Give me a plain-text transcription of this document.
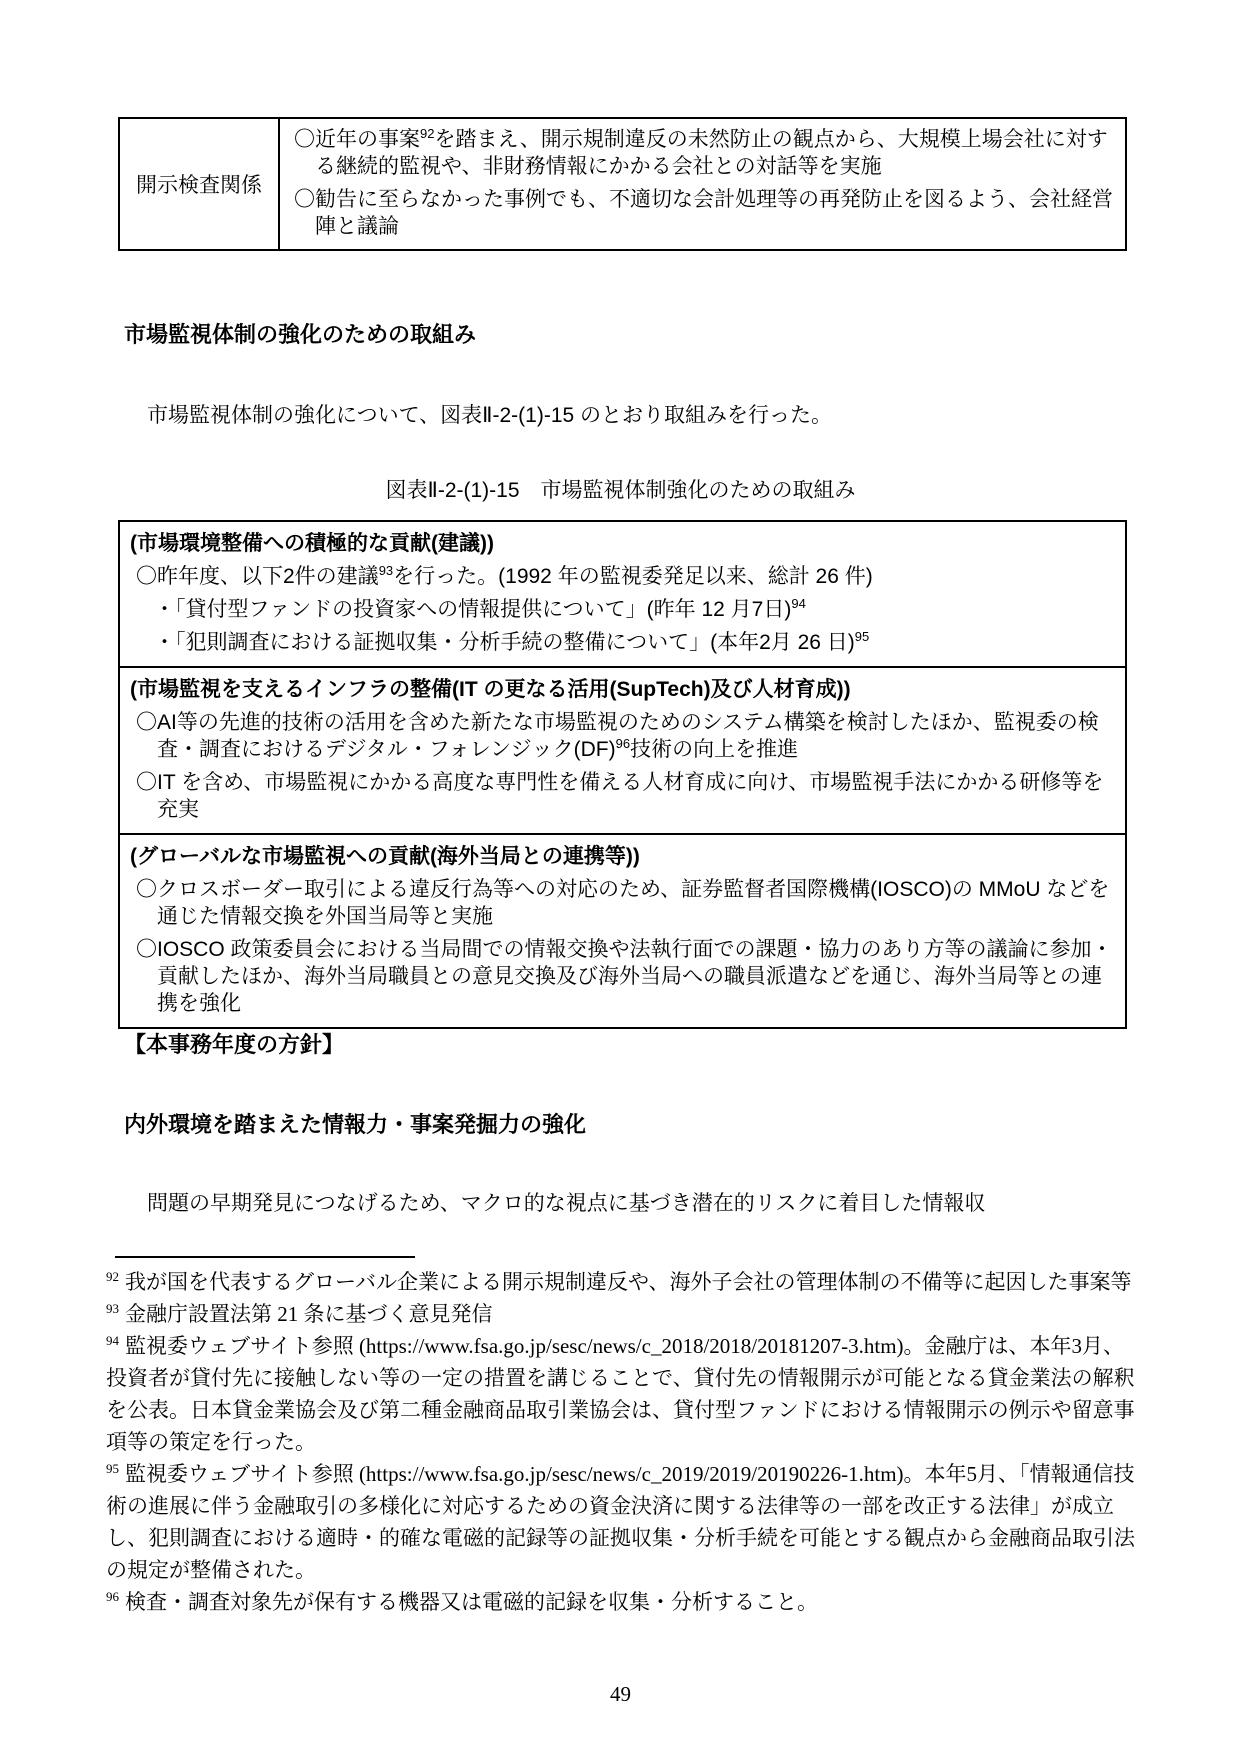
開示検査関係
〇近年の事案$^{92}$を踏まえ、開示規制違反の未然防止の観点から、大規模上場会社に対する継続的監視や、非財務情報にかかる会社との対話等を実施
〇勧告に至らなかった事例でも、不適切な会計処理等の再発防止を図るよう、会社経営陣と議論
市場監視体制の強化のための取組み
市場監視体制の強化について、図表Ⅱ-2-(1)-15 のとおり取組みを行った。
図表Ⅱ-2-(1)-15　市場監視体制強化のための取組み
(市場環境整備への積極的な貢献(建議))
〇昨年度、以下2件の建議$^{93}$を行った。(1992 年の監視委発足以来、総計 26 件)
・「貸付型ファンドの投資家への情報提供について」(昨年 12 月7日)$^{94}$
・「犯則調査における証拠収集・分析手続の整備について」(本年2月 26 日)$^{95}$
(市場監視を支えるインフラの整備(IT の更なる活用(SupTech)及び人材育成))
〇AI等の先進的技術の活用を含めた新たな市場監視のためのシステム構築を検討したほか、監視委の検査・調査におけるデジタル・フォレンジック(DF)$^{96}$技術の向上を推進
〇IT を含め、市場監視にかかる高度な専門性を備える人材育成に向け、市場監視手法にかかる研修等を充実
(グローバルな市場監視への貢献(海外当局との連携等))
〇クロスボーダー取引による違反行為等への対応のため、証券監督者国際機構(IOSCO)の MMoU などを通じた情報交換を外国当局等と実施
〇IOSCO 政策委員会における当局間での情報交換や法執行面での課題・協力のあり方等の議論に参加・貢献したほか、海外当局職員との意見交換及び海外当局への職員派遣などを通じ、海外当局等との連携を強化
【本事務年度の方針】
内外環境を踏まえた情報力・事案発掘力の強化
問題の早期発見につなげるため、マクロ的な視点に基づき潜在的リスクに着目した情報収

$^{92}$ 我が国を代表するグローバル企業による開示規制違反や、海外子会社の管理体制の不備等に起因した事案等

$^{93}$ 金融庁設置法第 21 条に基づく意見発信

$^{94}$ 監視委ウェブサイト参照 (https://www.fsa.go.jp/sesc/news/c_2018/2018/20181207-3.htm)。金融庁は、本年3月、投資者が貸付先に接触しない等の一定の措置を講じることで、貸付先の情報開示が可能となる貸金業法の解釈を公表。日本貸金業協会及び第二種金融商品取引業協会は、貸付型ファンドにおける情報開示の例示や留意事項等の策定を行った。

$^{95}$ 監視委ウェブサイト参照 (https://www.fsa.go.jp/sesc/news/c_2019/2019/20190226-1.htm)。本年5月、「情報通信技術の進展に伴う金融取引の多様化に対応するための資金決済に関する法律等の一部を改正する法律」が成立し、犯則調査における適時・的確な電磁的記録等の証拠収集・分析手続を可能とする観点から金融商品取引法の規定が整備された。

$^{96}$ 検査・調査対象先が保有する機器又は電磁的記録を収集・分析すること。

49
